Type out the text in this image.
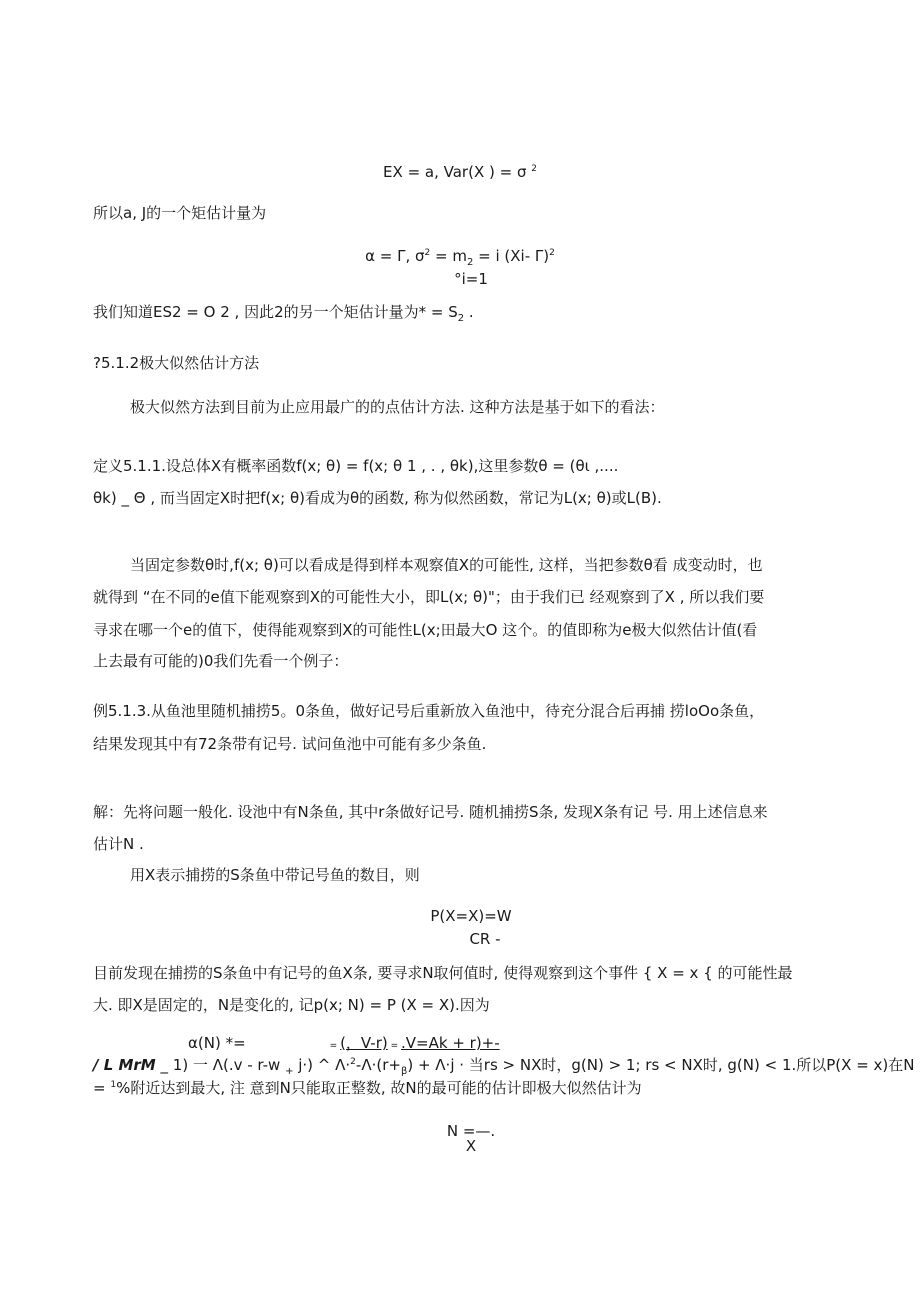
EX = a, Var(X ) = σ $^2$
所以a, J的一个矩估计量为
α = Γ, $\sigma^2 = m_2 = i$ (Xi- Γ)$^2$
°i=1
我们知道ES2 = O 2 , 因此2的另一个矩估计量为* = $S_2$ .
?5.1.2极大似然估计方法
极大似然方法到目前为止应用最广的的点估计方法. 这种方法是基于如下的看法：
定义5.1.1.设总体X有概率函数f(x; θ) = f(x; θ 1 , . , θk),这里参数θ = (θι ,....
θk) _ Θ , 而当固定X时把f(x; θ)看成为θ的函数, 称为似然函数，常记为L(x; θ)或L(B).
当固定参数θ时,f(x; θ)可以看成是得到样本观察值X的可能性, 这样，当把参数θ看 成变动时，也
就得到 “在不同的e值下能观察到X的可能性大小，即L(x; θ)"；由于我们已 经观察到了X , 所以我们要
寻求在哪一个e的值下，使得能观察到X的可能性L(x;田最大O 这个。的值即称为e极大似然估计值(看
上去最有可能的)0我们先看一个例子：
例5.1.3.从鱼池里随机捕捞5。0条鱼，做好记号后重新放入鱼池中，待充分混合后再捕 捞loOo条鱼，
结果发现其中有72条带有记号. 试问鱼池中可能有多少条鱼.
解：先将问题一般化. 设池中有N条鱼, 其中r条做好记号. 随机捕捞S条, 发现X条有记 号. 用上述信息来
估计N .
用X表示捕捞的S条鱼中带记号鱼的数目，则
P(X=X)=W
CR -
目前发现在捕捞的S条鱼中有记号的鱼X条, 要寻求N取何值时, 使得观察到这个事件 { X = x { 的可能性最
大. 即X是固定的，N是变化的, 记p(x; N) = P (X = X).因为
α(N) *=	= (，V-r) = .V=Ak + r)+-
/ L MrM _ 1) 一 Λ(.v - r-w $_+$ j·) ^ $\Lambda\cdot^2-\Lambda\cdot(r+_\beta) + \Lambda\cdot j$ · 当rs > NX时，g(N) > 1; rs < NX时, g(N) < 1.所以P(X = x)在N
= $^1$%附近达到最大, 注 意到N只能取正整数, 故N的最可能的估计即极大似然估计为
N =—.
X
